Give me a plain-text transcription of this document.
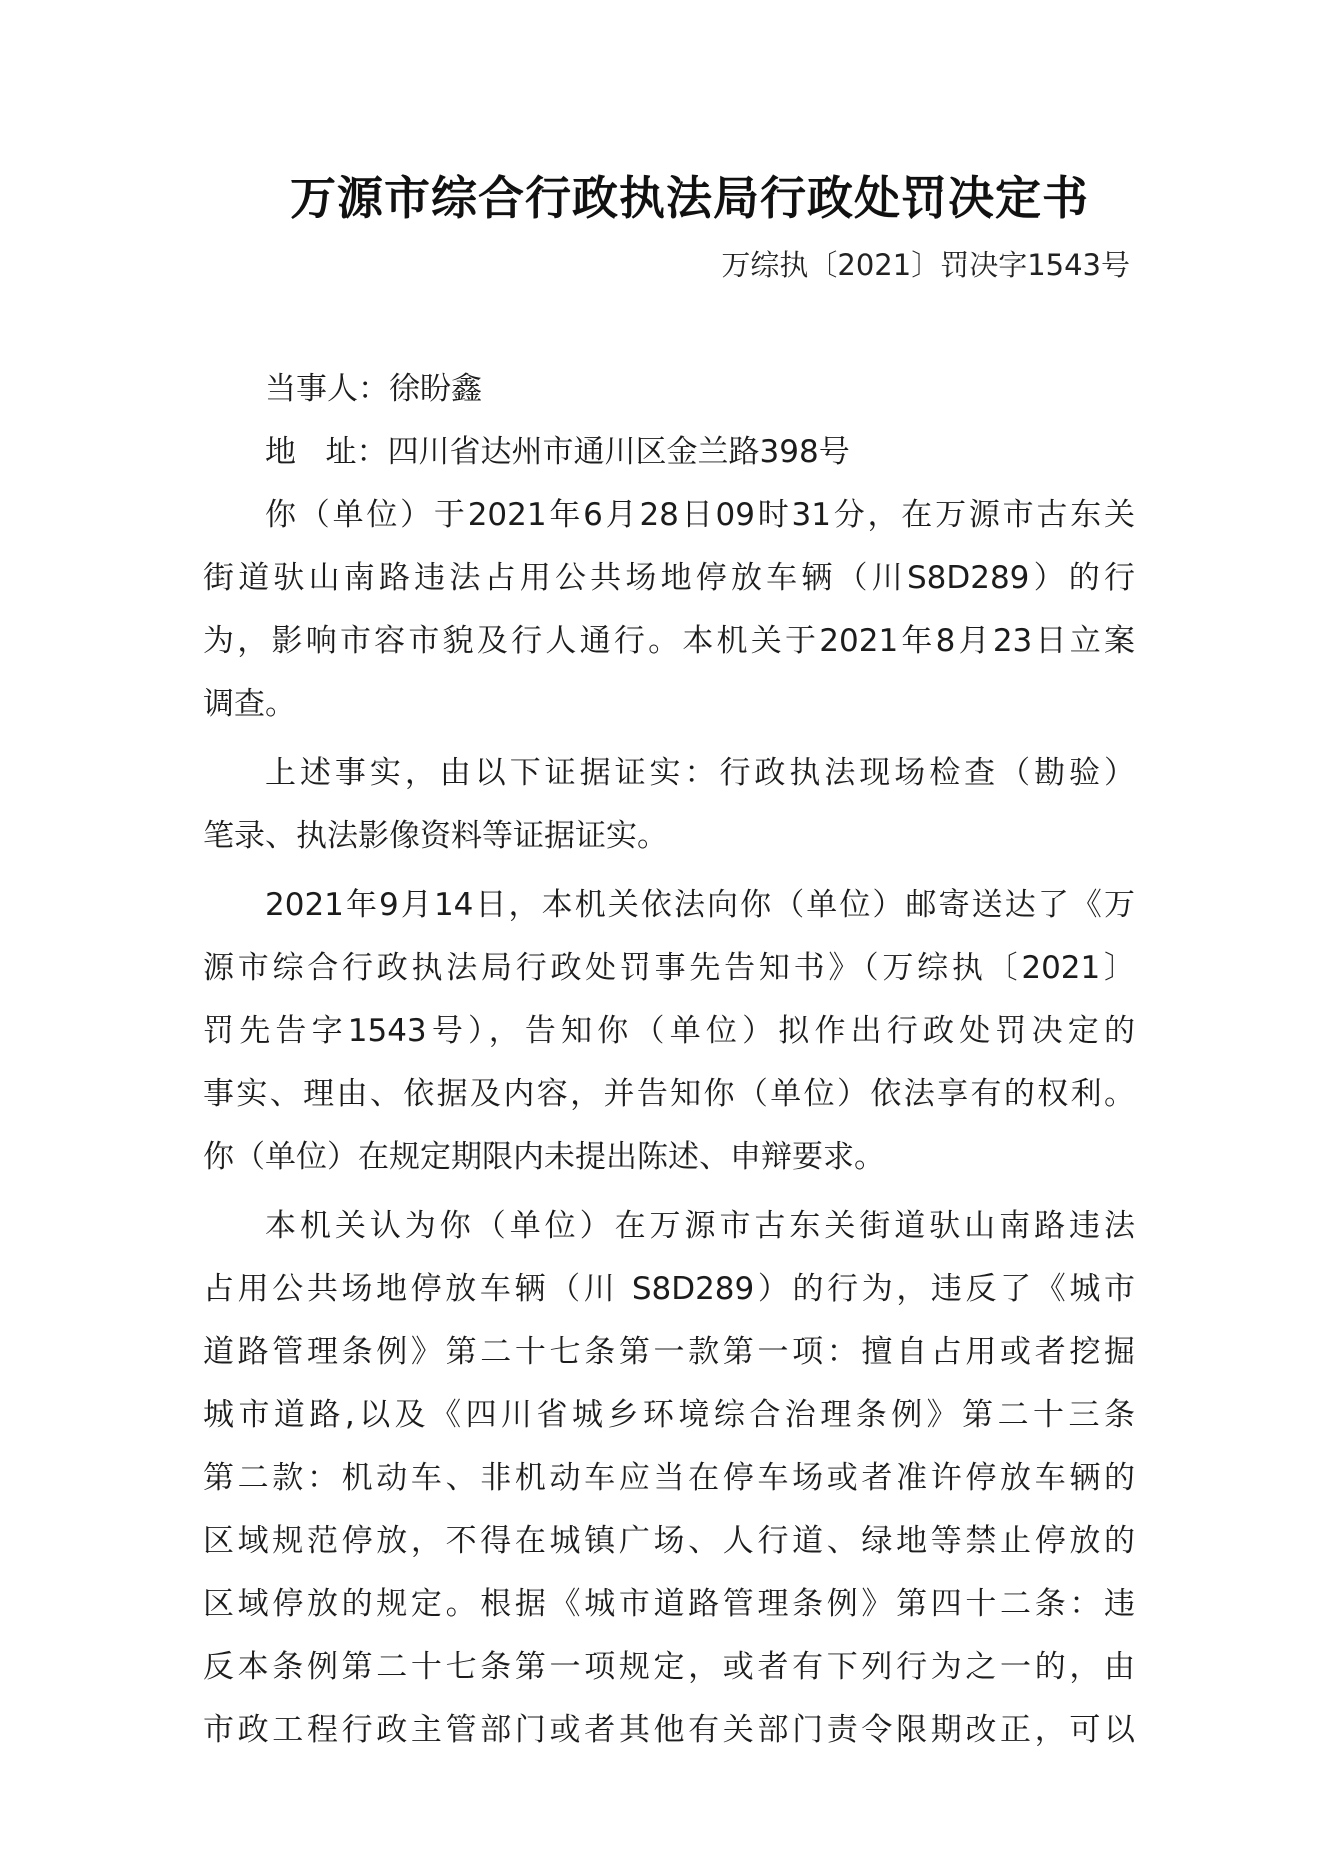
万源市综合行政执法局行政处罚决定书
万综执〔2021〕罚决字1543号
当事人：徐盼鑫
地   址：四川省达州市通川区金兰路398号
你（单位）于2021年6月28日09时31分，在万源市古东关
街道驮山南路违法占用公共场地停放车辆（川S8D289）的行
为，影响市容市貌及行人通行。本机关于2021年8月23日立案
调查。
上述事实，由以下证据证实：行政执法现场检查（勘验）
笔录、执法影像资料等证据证实。
2021年9月14日，本机关依法向你（单位）邮寄送达了《万
源市综合行政执法局行政处罚事先告知书》（万综执〔2021〕
罚先告字1543号），告知你（单位）拟作出行政处罚决定的
事实、理由、依据及内容，并告知你（单位）依法享有的权利。
你（单位）在规定期限内未提出陈述、申辩要求。
本机关认为你（单位）在万源市古东关街道驮山南路违法
占用公共场地停放车辆（川 S8D289）的行为，违反了《城市
道路管理条例》第二十七条第一款第一项：擅自占用或者挖掘
城市道路,以及《四川省城乡环境综合治理条例》第二十三条
第二款：机动车、非机动车应当在停车场或者准许停放车辆的
区域规范停放，不得在城镇广场、人行道、绿地等禁止停放的
区域停放的规定。根据《城市道路管理条例》第四十二条：违
反本条例第二十七条第一项规定，或者有下列行为之一的，由
市政工程行政主管部门或者其他有关部门责令限期改正，可以
